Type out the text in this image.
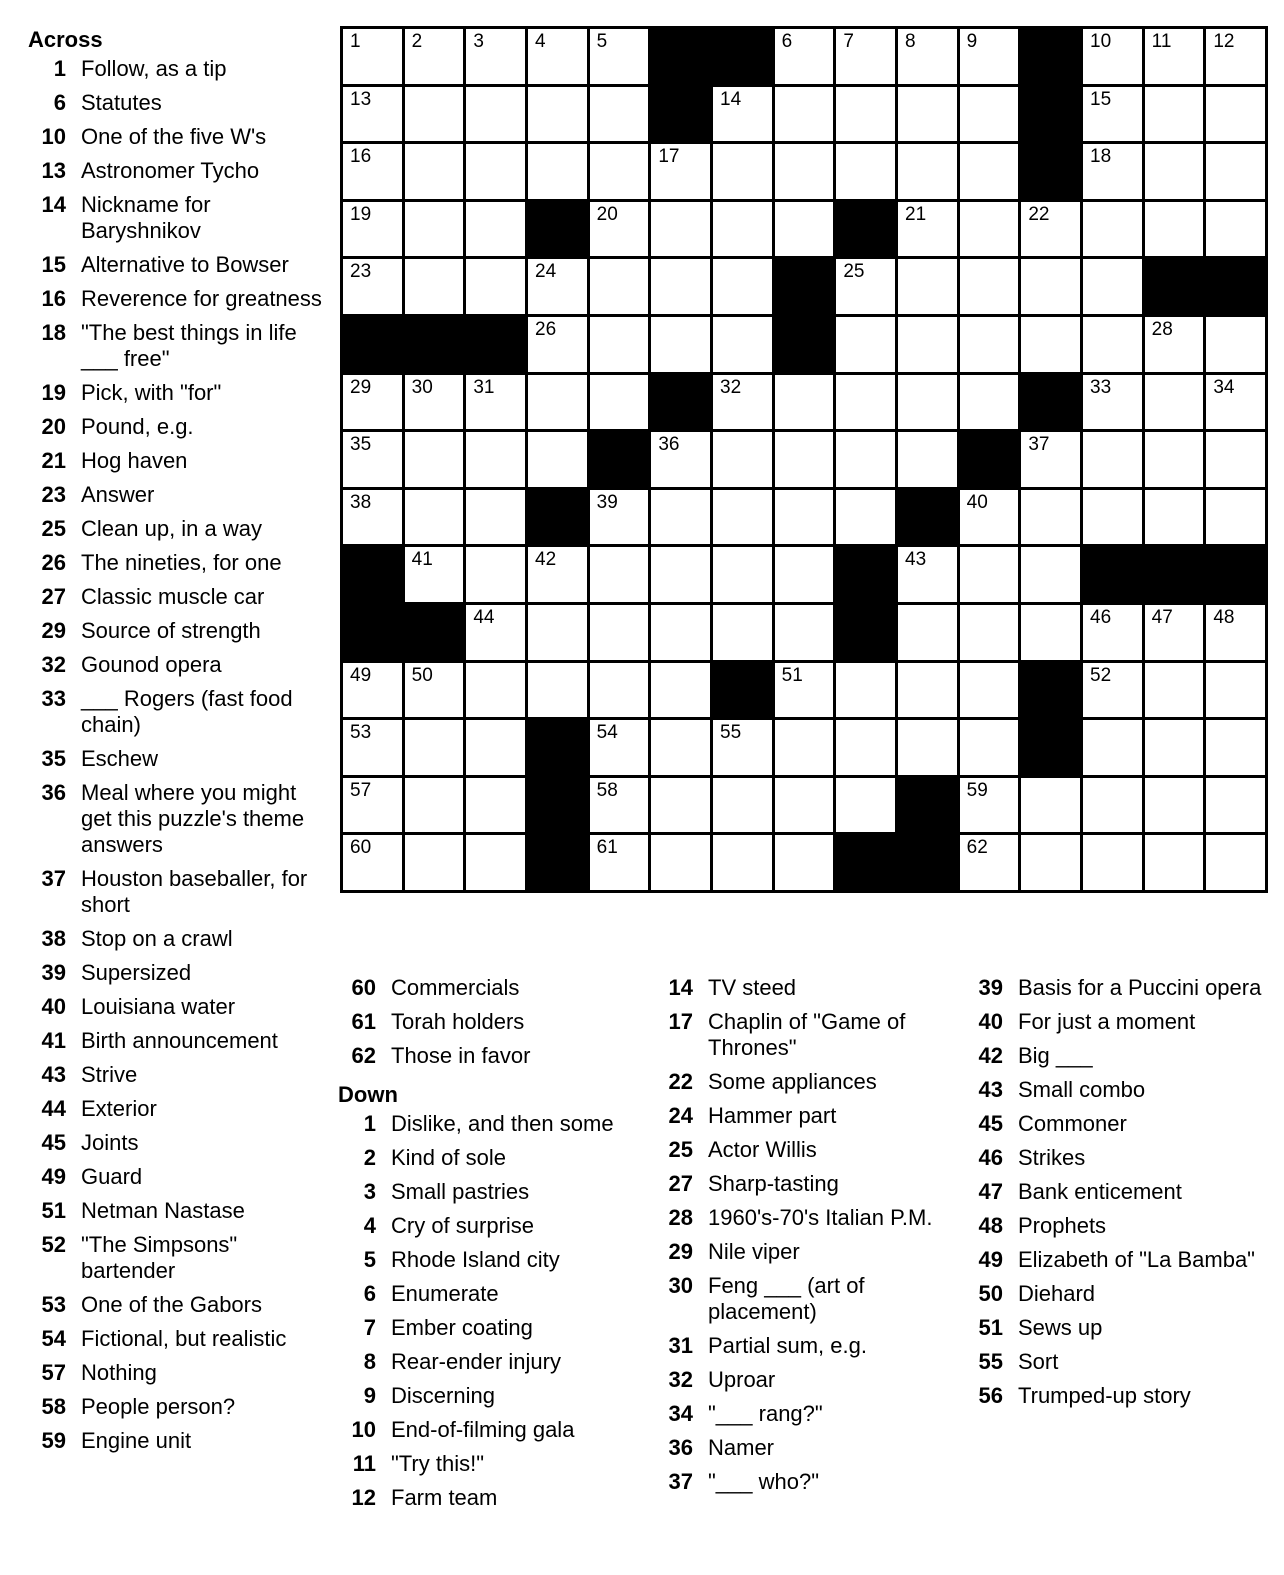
Across
1 Follow, as a tip
6 Statutes
10 One of the five W's
13 Astronomer Tycho
14 Nickname for Baryshnikov
15 Alternative to Bowser
16 Reverence for greatness
18 "The best things in life ___ free"
19 Pick, with "for"
20 Pound, e.g.
21 Hog haven
23 Answer
25 Clean up, in a way
26 The nineties, for one
27 Classic muscle car
29 Source of strength
32 Gounod opera
33 ___ Rogers (fast food chain)
35 Eschew
36 Meal where you might get this puzzle's theme answers
37 Houston baseballer, for short
38 Stop on a crawl
39 Supersized
40 Louisiana water
41 Birth announcement
43 Strive
44 Exterior
45 Joints
49 Guard
51 Netman Nastase
52 "The Simpsons" bartender
53 One of the Gabors
54 Fictional, but realistic
57 Nothing
58 People person?
59 Engine unit
1	2	3	4	5	6	7	8	9	10 11 12
13	14	15
16	17	18
19	20	21	22
23	24	25
26	27	28
29 30 31	32	33	34
35	36	37
38	39	40
41	42	43
44	45	46 47 48
49 50	51	52
53	54	55	56
57	58	59
60	61	62
60 Commercials
61 Torah holders
62 Those in favor
Down
1 Dislike, and then some
2 Kind of sole
3 Small pastries
4 Cry of surprise
5 Rhode Island city
6 Enumerate
7 Ember coating
8 Rear-ender injury
9 Discerning
10 End-of-filming gala
11 "Try this!"
12 Farm team
14 TV steed
17 Chaplin of "Game of Thrones"
22 Some appliances
24 Hammer part
25 Actor Willis
27 Sharp-tasting
28 1960's-70's Italian P.M.
29 Nile viper
30 Feng ___ (art of placement)
31 Partial sum, e.g.
32 Uproar
34 "___ rang?"
36 Namer
37 "___ who?"
39 Basis for a Puccini opera
40 For just a moment
42 Big ___
43 Small combo
45 Commoner
46 Strikes
47 Bank enticement
48 Prophets
49 Elizabeth of "La Bamba"
50 Diehard
51 Sews up
55 Sort
56 Trumped-up story
